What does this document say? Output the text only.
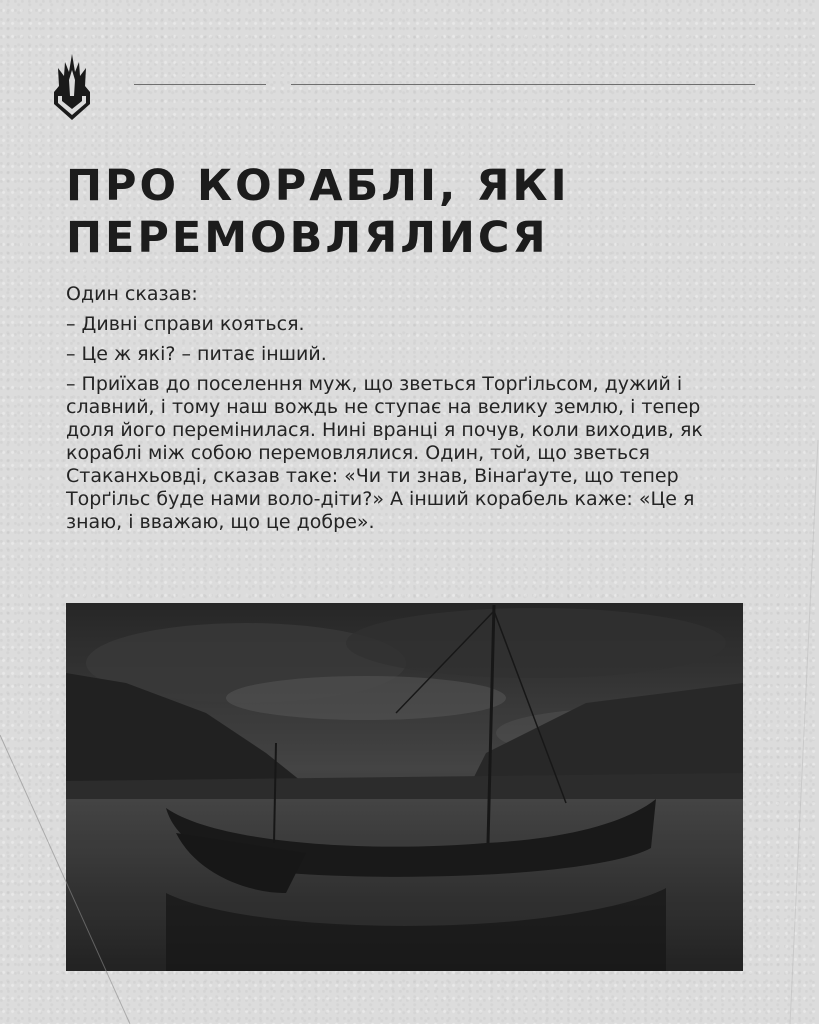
ПРО КОРАБЛІ, ЯКІ
ПЕРЕМОВЛЯЛИСЯ

Один сказав:

– Дивні справи кояться.

– Це ж які? – питає інший.

– Приїхав до поселення муж, що зветься Торґільсом, дужий і славний, і тому наш вождь не ступає на велику землю, і тепер доля його перемінилася. Нині вранці я почув, коли виходив, як кораблі між собою перемовлялися. Один, той, що зветься Стаканхьовді, сказав таке: «Чи ти знав, Вінаґауте, що тепер Торґільс буде нами воло-діти?» А інший корабель каже: «Це я знаю, і вважаю, що це добре».
